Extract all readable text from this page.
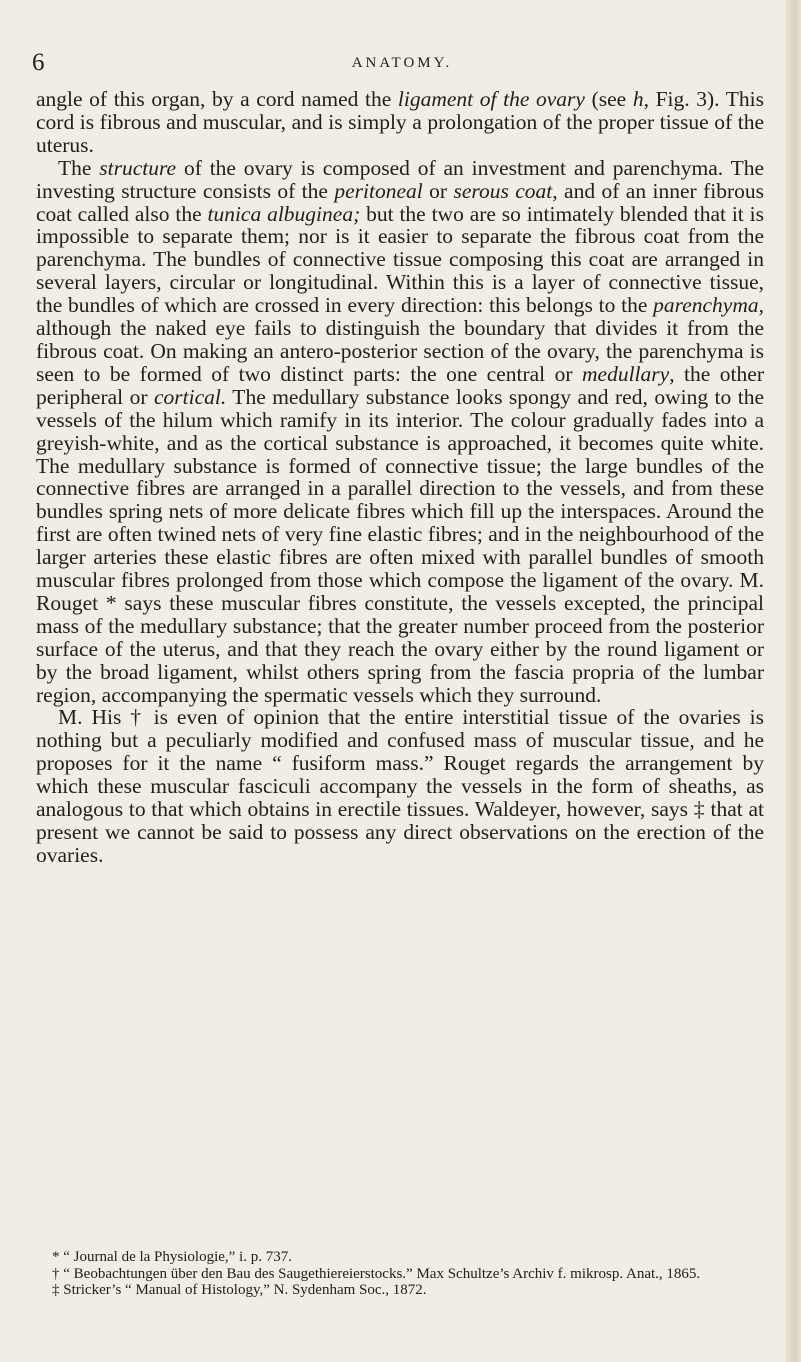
6	ANATOMY.

angle of this organ, by a cord named the ligament of the ovary (see h, Fig. 3). This cord is fibrous and muscular, and is simply a prolongation of the proper tissue of the uterus.

The structure of the ovary is composed of an investment and parenchyma. The investing structure consists of the peritoneal or serous coat, and of an inner fibrous coat called also the tunica albuginea; but the two are so intimately blended that it is impossible to separate them; nor is it easier to separate the fibrous coat from the parenchyma. The bundles of connective tissue composing this coat are arranged in several layers, circular or longitudinal. Within this is a layer of connective tissue, the bundles of which are crossed in every direction: this belongs to the parenchyma, although the naked eye fails to distinguish the boundary that divides it from the fibrous coat. On making an antero-posterior section of the ovary, the parenchyma is seen to be formed of two distinct parts: the one central or medullary, the other peripheral or cortical. The medullary substance looks spongy and red, owing to the vessels of the hilum which ramify in its interior. The colour gradually fades into a greyish-white, and as the cortical substance is approached, it becomes quite white. The medullary substance is formed of connective tissue; the large bundles of the connective fibres are arranged in a parallel direction to the vessels, and from these bundles spring nets of more delicate fibres which fill up the interspaces. Around the first are often twined nets of very fine elastic fibres; and in the neighbourhood of the larger arteries these elastic fibres are often mixed with parallel bundles of smooth muscular fibres prolonged from those which compose the ligament of the ovary. M. Rouget * says these muscular fibres constitute, the vessels excepted, the principal mass of the medullary substance; that the greater number proceed from the posterior surface of the uterus, and that they reach the ovary either by the round ligament or by the broad ligament, whilst others spring from the fascia propria of the lumbar region, accompanying the spermatic vessels which they surround.

M. His † is even of opinion that the entire interstitial tissue of the ovaries is nothing but a peculiarly modified and confused mass of muscular tissue, and he proposes for it the name “ fusiform mass.” Rouget regards the arrangement by which these muscular fasciculi accompany the vessels in the form of sheaths, as analogous to that which obtains in erectile tissues. Waldeyer, however, says ‡ that at present we cannot be said to possess any direct observations on the erection of the ovaries.

* “ Journal de la Physiologie,” i. p. 737.

† “ Beobachtungen über den Bau des Saugethiereierstocks.” Max Schultze’s Archiv f. mikrosp. Anat., 1865.

‡ Stricker’s “ Manual of Histology,” N. Sydenham Soc., 1872.
